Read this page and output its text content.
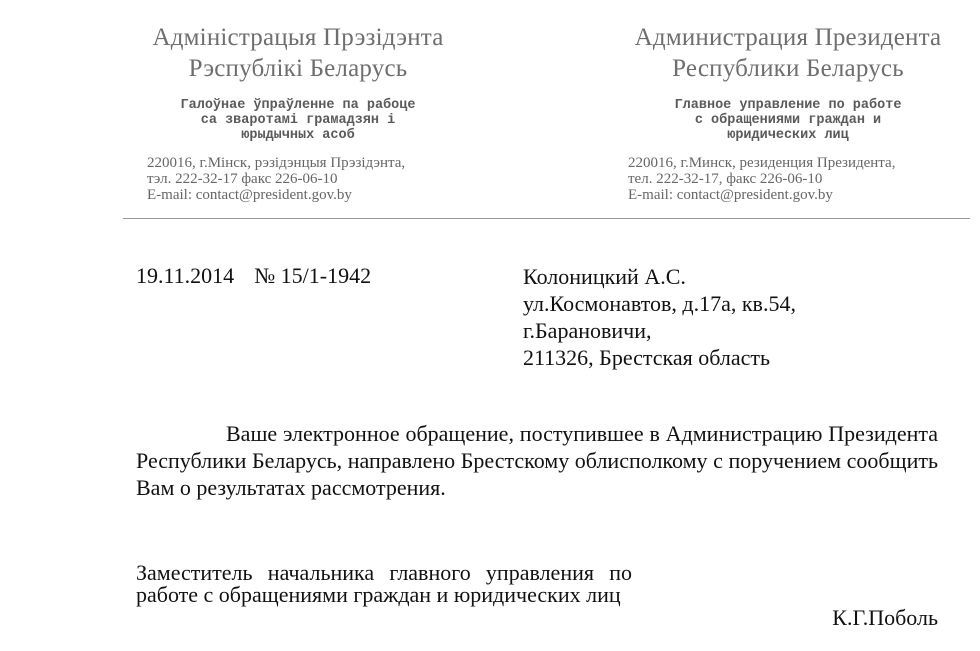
Адміністрацыя Прэзідэнта
Рэспублікі Беларусь
Галоўнае ўпраўленне па рабоце
са зваротамі грамадзян і
юрыдычных асоб
220016, г.Мінск, рэзідэнцыя Прэзідэнта,
тэл. 222-32-17 факс 226-06-10
E-mail: contact@president.gov.by
Администрация Президента
Республики Беларусь
Главное управление по работе
с обращениями граждан и
юридических лиц
220016, г.Минск, резиденция Президента,
тел. 222-32-17, факс 226-06-10
E-mail: contact@president.gov.by
19.11.2014 № 15/1-1942	Колоницкий А.С.
ул.Космонавтов, д.17а, кв.54,
г.Барановичи,
211326, Брестская область
Ваше электронное обращение, поступившее в Администрацию Президента Республики Беларусь, направлено Брестскому облисполкому с поручением сообщить Вам о результатах рассмотрения.
Заместитель начальника главного управления по работе с обращениями граждан и юридических лиц
К.Г.Поболь
